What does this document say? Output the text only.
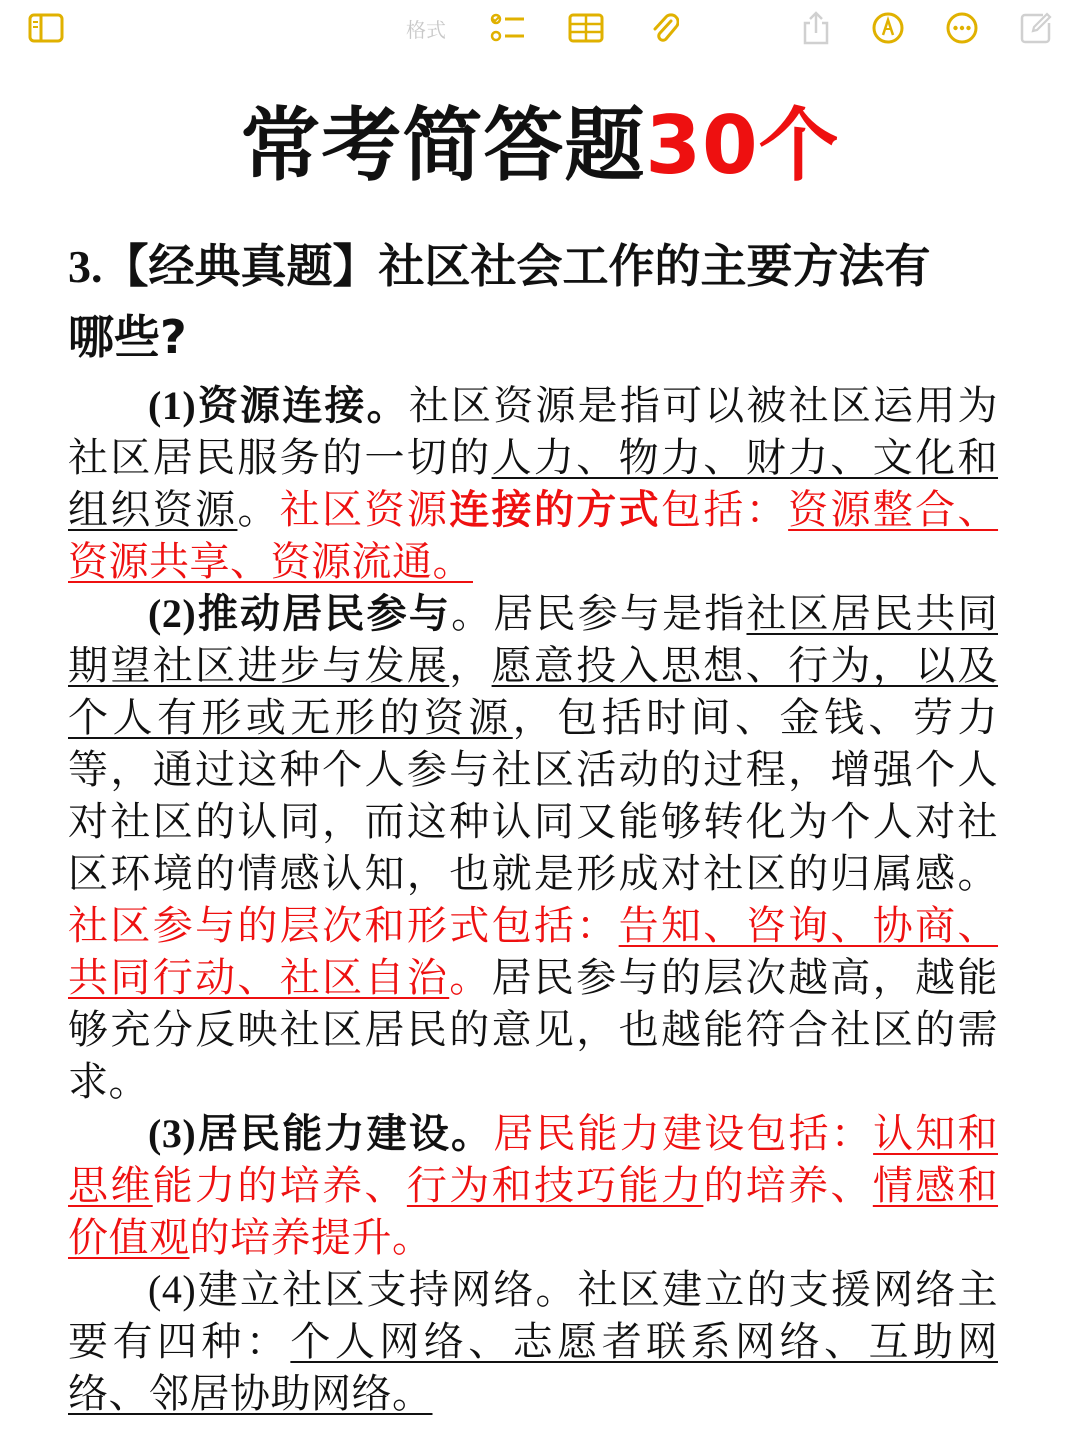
格式
常考简答题30个
3.【经典真题】社区社会工作的主要方法有
哪些?

(1)资源连接。社区资源是指可以被社区运用为社区居民服务的一切的人力、物力、财力、文化和组织资源。社区资源连接的方式包括：资源整合、资源共享、资源流通。

(2)推动居民参与。居民参与是指社区居民共同期望社区进步与发展，愿意投入思想、行为，以及个人有形或无形的资源，包括时间、金钱、劳力等，通过这种个人参与社区活动的过程，增强个人对社区的认同，而这种认同又能够转化为个人对社区环境的情感认知，也就是形成对社区的归属感。社区参与的层次和形式包括：告知、咨询、协商、共同行动、社区自治。居民参与的层次越高，越能够充分反映社区居民的意见，也越能符合社区的需求。

(3)居民能力建设。居民能力建设包括：认知和思维能力的培养、行为和技巧能力的培养、情感和价值观的培养提升。

(4)建立社区支持网络。社区建立的支援网络主要有四种：个人网络、志愿者联系网络、互助网络、邻居协助网络。
